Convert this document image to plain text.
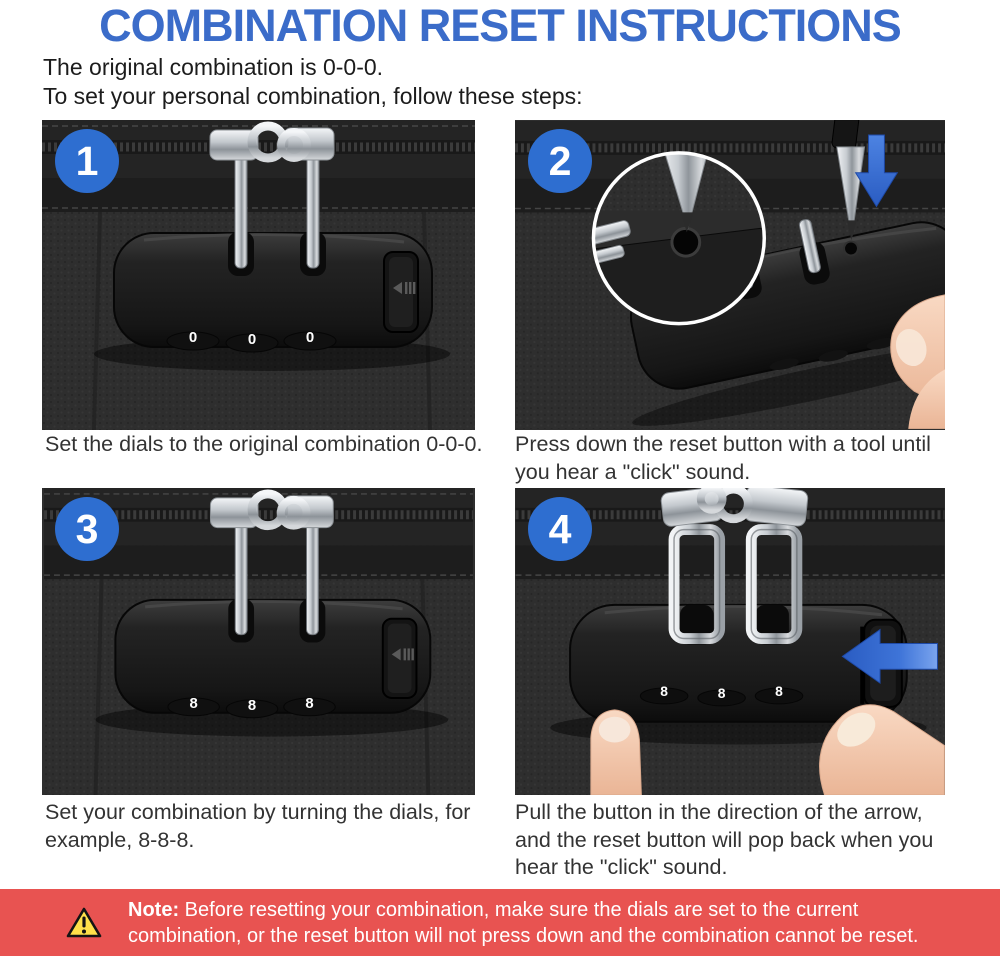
COMBINATION RESET INSTRUCTIONS

The original combination is 0-0-0.
To set your personal combination, follow these steps:

0	0	0
1

Set the dials to the original combination 0-0-0.

2

Press down the reset button with a tool until you hear a "click" sound.

8	8	8
3

Set your combination by turning the dials, for example, 8-8-8.

8	8	8
4

Pull the button in the direction of the arrow, and the reset button will pop back when you hear the "click" sound.

Note: Before resetting your combination, make sure the dials are set to the current combination, or the reset button will not press down and the combination cannot be reset.
